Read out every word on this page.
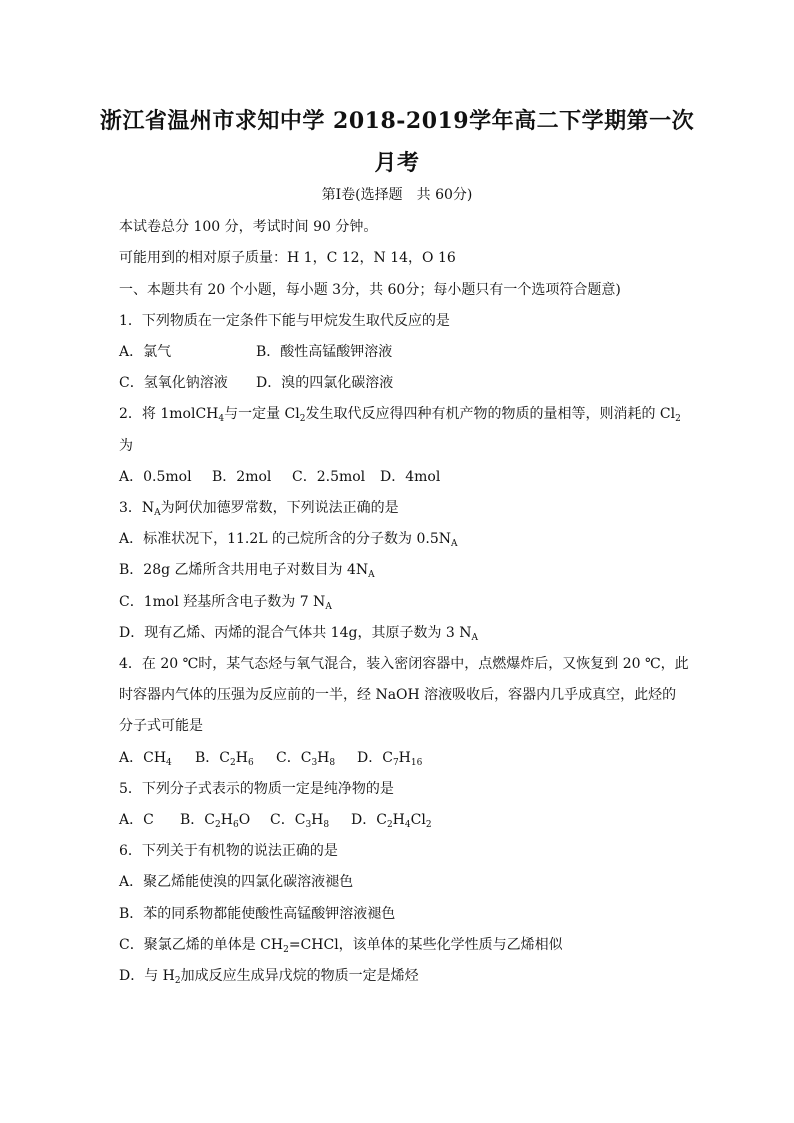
浙江省温州市求知中学 2018-2019学年高二下学期第一次
月考
第Ⅰ卷(选择题　共 60分)
本试卷总分 100 分，考试时间 90 分钟。
可能用到的相对原子质量：H 1，C 12，N 14，O 16
一、本题共有 20 个小题，每小题 3分，共 60分；每小题只有一个选项符合题意)
1．下列物质在一定条件下能与甲烷发生取代反应的是
A．氯气	B．酸性高锰酸钾溶液
C．氢氧化钠溶液 D．溴的四氯化碳溶液
2．将 1molCH$_4$与一定量 $Cl_2$发生取代反应得四种有机产物的物质的量相等，则消耗的 $Cl_2$
为
A．0.5mol B．2mol C．2.5mol D．4mol
3．$N_A$为阿伏加德罗常数，下列说法正确的是
A．标准状况下，11.2L 的己烷所含的分子数为 $0.5N_A$
B．28g 乙烯所含共用电子对数目为 $4N_A$
C．1mol 羟基所含电子数为 7 $N_A$
D．现有乙烯、丙烯的混合气体共 14g，其原子数为 3 $N_A$
4．在 20 ℃时，某气态烃与氧气混合，装入密闭容器中，点燃爆炸后，又恢复到 20 ℃，此
时容器内气体的压强为反应前的一半，经 NaOH 溶液吸收后，容器内几乎成真空，此烃的
分子式可能是
A．$CH_4$ B．$C_2H_6$ C．$C_3H_8$ D．$C_7H_{16}$
5．下列分子式表示的物质一定是纯净物的是
A．C B．$C_2H_6O$ C．$C_3H_8$ D．$C_2H_4Cl_2$
6．下列关于有机物的说法正确的是
A．聚乙烯能使溴的四氯化碳溶液褪色
B．苯的同系物都能使酸性高锰酸钾溶液褪色
C．聚氯乙烯的单体是 $CH_2=CHCl$，该单体的某些化学性质与乙烯相似
D．与 $H_2$加成反应生成异戊烷的物质一定是烯烃
